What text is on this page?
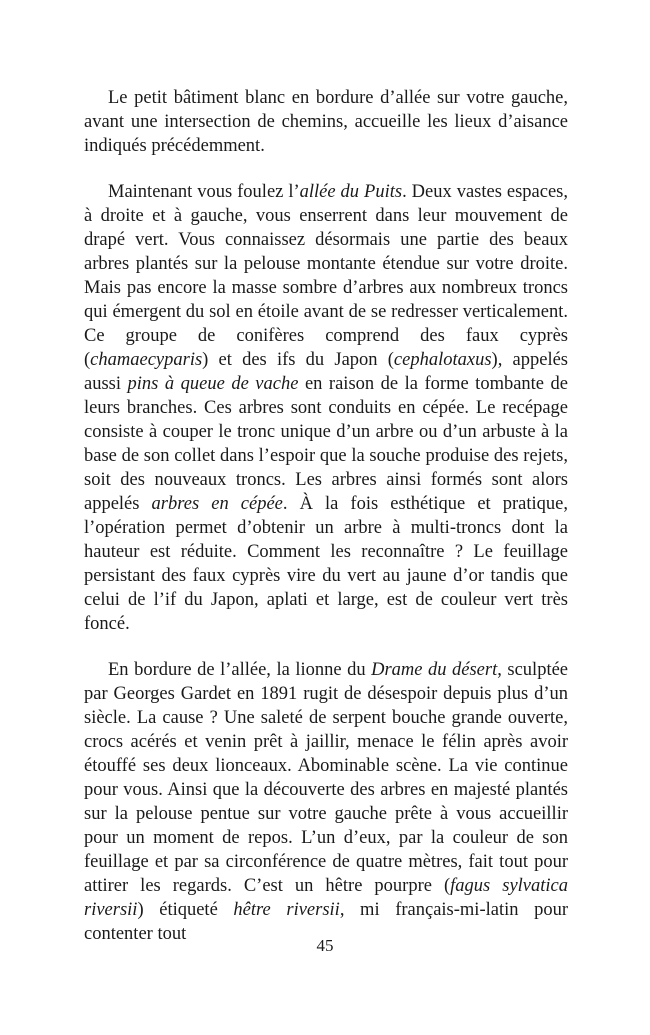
Le petit bâtiment blanc en bordure d’allée sur votre gauche, avant une intersection de chemins, accueille les lieux d’aisance indiqués précédemment.

Maintenant vous foulez l’allée du Puits. Deux vastes espaces, à droite et à gauche, vous enserrent dans leur mouvement de drapé vert. Vous connaissez désormais une partie des beaux arbres plantés sur la pelouse montante étendue sur votre droite. Mais pas encore la masse sombre d’arbres aux nombreux troncs qui émergent du sol en étoile avant de se redresser verticalement. Ce groupe de conifères comprend des faux cyprès (chamaecyparis) et des ifs du Japon (cephalotaxus), appelés aussi pins à queue de vache en raison de la forme tombante de leurs branches. Ces arbres sont conduits en cépée. Le recépage consiste à couper le tronc unique d’un arbre ou d’un arbuste à la base de son collet dans l’espoir que la souche produise des rejets, soit des nouveaux troncs. Les arbres ainsi formés sont alors appelés arbres en cépée. À la fois esthétique et pratique, l’opération permet d’obtenir un arbre à multi-troncs dont la hauteur est réduite. Comment les reconnaître ? Le feuillage persistant des faux cyprès vire du vert au jaune d’or tandis que celui de l’if du Japon, aplati et large, est de couleur vert très foncé.

En bordure de l’allée, la lionne du Drame du désert, sculptée par Georges Gardet en 1891 rugit de désespoir depuis plus d’un siècle. La cause ? Une saleté de serpent bouche grande ouverte, crocs acérés et venin prêt à jaillir, menace le félin après avoir étouffé ses deux lionceaux. Abominable scène. La vie continue pour vous. Ainsi que la découverte des arbres en majesté plantés sur la pelouse pentue sur votre gauche prête à vous accueillir pour un moment de repos. L’un d’eux, par la couleur de son feuillage et par sa circonférence de quatre mètres, fait tout pour attirer les regards. C’est un hêtre pourpre (fagus sylvatica riversii) étiqueté hêtre riversii, mi français-mi-latin pour contenter tout

45
